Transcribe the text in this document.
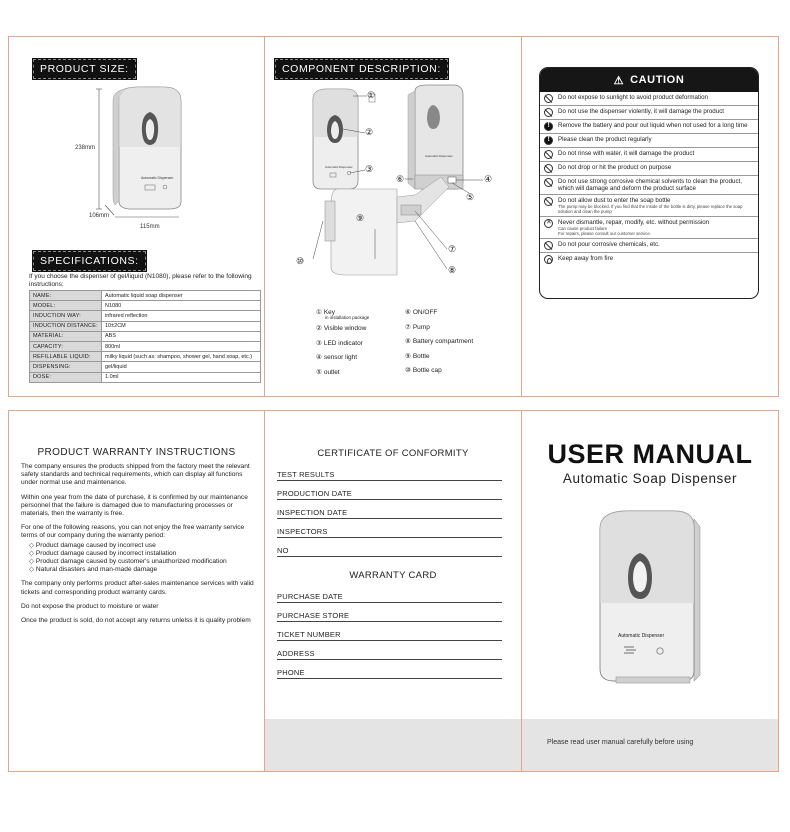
PRODUCT SIZE:
Automatic Dispenser
238mm
106mm
115mm
SPECIFICATIONS:
If you choose the dispenser of gel/liquid (N1080), please refer to the following instructions:
NAME:	Automatic liquid soap dispenser
MODEL:	N1080
INDUCTION WAY:	infrared reflection
INDUCTION DISTANCE:	10±2CM
MATERIAL:	ABS
CAPACITY:	800ml
REFILLABLE LIQUID:	milky liquid (such as: shampoo, shower gel, hand soap, etc.)
DISPENSING:	gel/liquid
DOSE:	1.0ml
COMPONENT DESCRIPTION:
Automatic Dispenser
Automatic Dispenser
①
②
③
④
⑤
⑥
⑦
⑧
⑨
⑩
① Key
in installation package
② Visible window
③ LED indicator
④ sensor light
⑤ outlet
⑥ ON/OFF
⑦ Pump
⑧ Battery compartment
⑨ Bottle
⑩ Bottle cap
⚠ CAUTION
Do not expose to sunlight to avoid product deformation
Do not use the dispenser violently, it will damage the product
!
Remove the battery and pour out liquid when not used for a long time
!
Please clean the product regularly
Do not rinse with water, it will damage the product
Do not drop or hit the product on purpose
Do not use strong corrosive chemical solvents to clean the product, which will damage and deform the product surface
Do not allow dust to enter the soap bottle
The pump may be blocked. If you find that the inside of the bottle is dirty, please replace the soap solution and clean the pump
✕
Never dismantle, repair, modify, etc. without permission
Can cause product failure
For repairs, please consult our customer service.
Do not pour corrosive chemicals, etc.
Keep away from fire
PRODUCT WARRANTY INSTRUCTIONS

The company ensures the products shipped from the factory meet the relevant safety standards and technical requirements, which can display all functions under normal use and maintenance.

Within one year from the date of purchase, it is confirmed by our maintenance personnel that the failure is damaged due to manufacturing processes or materials, then the warranty is free.

For one of the following reasons, you can not enjoy the free warranty service terms of our company during the warranty period:

◇ Product damage caused by incorrect use
◇ Product damage caused by incorrect installation
◇ Product damage caused by customer's unauthorized modification
◇ Natural disasters and man-made damage

The company only performs product after-sales maintenance services with valid tickets and corresponding product warranty cards.

Do not expose the product to moisture or water

Once the product is sold, do not accept any returns unlelss it is quality problem

CERTIFICATE OF CONFORMITY
TEST RESULTS
PRODUCTION DATE
INSPECTION DATE
INSPECTORS
NO
WARRANTY CARD
PURCHASE DATE
PURCHASE STORE
TICKET NUMBER
ADDRESS
PHONE
USER MANUAL
Automatic Soap Dispenser
Automatic Dispenser
Please read user manual carefully before using
